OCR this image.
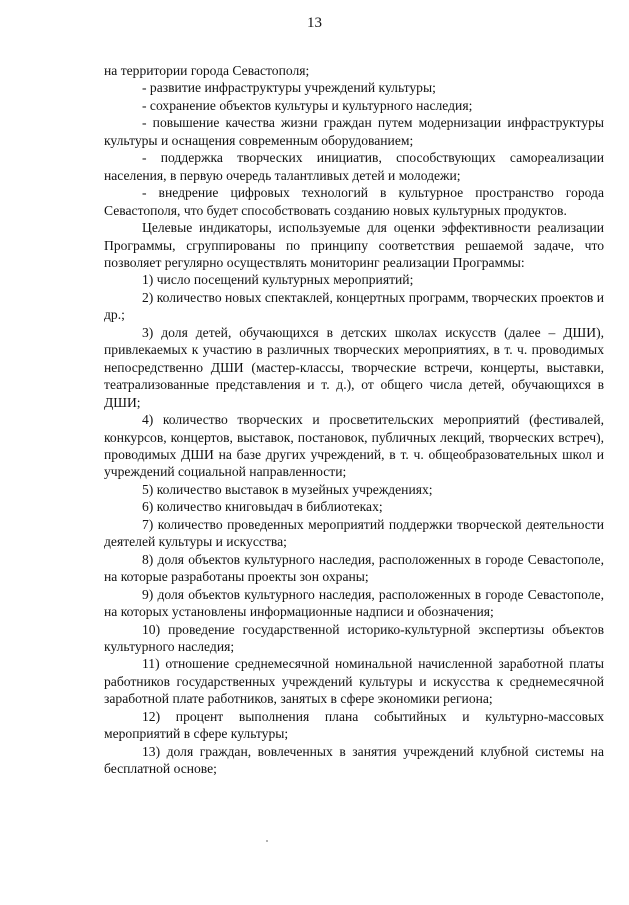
13

на территории города Севастополя;

- развитие инфраструктуры учреждений культуры;

- сохранение объектов культуры и культурного наследия;

- повышение качества жизни граждан путем модернизации инфраструктуры культуры и оснащения современным оборудованием;

- поддержка творческих инициатив, способствующих самореализации населения, в первую очередь талантливых детей и молодежи;

- внедрение цифровых технологий в культурное пространство города Севастополя, что будет способствовать созданию новых культурных продуктов.

Целевые индикаторы, используемые для оценки эффективности реализации Программы, сгруппированы по принципу соответствия решаемой задаче, что позволяет регулярно осуществлять мониторинг реализации Программы:

1) число посещений культурных мероприятий;

2) количество новых спектаклей, концертных программ, творческих проектов и др.;

3) доля детей, обучающихся в детских школах искусств (далее – ДШИ), привлекаемых к участию в различных творческих мероприятиях, в т. ч. проводимых непосредственно ДШИ (мастер-классы, творческие встречи, концерты, выставки, театрализованные представления и т. д.), от общего числа детей, обучающихся в ДШИ;

4) количество творческих и просветительских мероприятий (фестивалей, конкурсов, концертов, выставок, постановок, публичных лекций, творческих встреч), проводимых ДШИ на базе других учреждений, в т. ч. общеобразовательных школ и учреждений социальной направленности;

5) количество выставок в музейных учреждениях;

6) количество книговыдач в библиотеках;

7) количество проведенных мероприятий поддержки творческой деятельности деятелей культуры и искусства;

8) доля объектов культурного наследия, расположенных в городе Севастополе, на которые разработаны проекты зон охраны;

9) доля объектов культурного наследия, расположенных в городе Севастополе, на которых установлены информационные надписи и обозначения;

10) проведение государственной историко-культурной экспертизы объектов культурного наследия;

11) отношение среднемесячной номинальной начисленной заработной платы работников государственных учреждений культуры и искусства к среднемесячной заработной плате работников, занятых в сфере экономики региона;

12) процент выполнения плана событийных и культурно-массовых мероприятий в сфере культуры;

13) доля граждан, вовлеченных в занятия учреждений клубной системы на бесплатной основе;
